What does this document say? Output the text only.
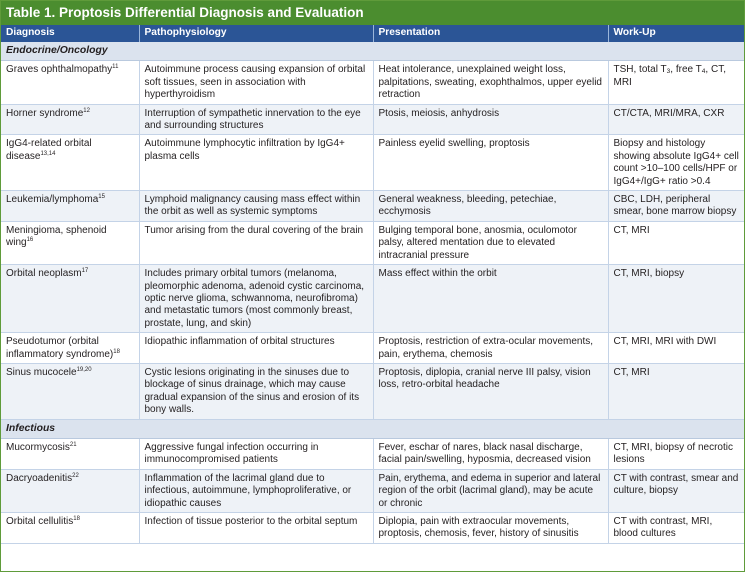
Table 1. Proptosis Differential Diagnosis and Evaluation
Diagnosis	Pathophysiology	Presentation	Work-Up
Endocrine/Oncology			
Graves ophthalmopathy$^{11}$	Autoimmune process causing expansion of orbital soft tissues, seen in association with hyperthyroidism	Heat intolerance, unexplained weight loss, palpitations, sweating, exophthalmos, upper eyelid retraction	TSH, total $T_3$, free $T_4$, CT, MRI
Horner syndrome$^{12}$	Interruption of sympathetic innervation to the eye and surrounding structures	Ptosis, meiosis, anhydrosis	CT/CTA, MRI/MRA, CXR
IgG4-related orbital disease$^{13,14}$	Autoimmune lymphocytic infiltration by IgG4+ plasma cells	Painless eyelid swelling, proptosis	Biopsy and histology showing absolute IgG4+ cell count >10–100 cells/HPF or IgG4+/IgG+ ratio >0.4
Leukemia/lymphoma$^{15}$	Lymphoid malignancy causing mass effect within the orbit as well as systemic symptoms	General weakness, bleeding, petechiae, ecchymosis	CBC, LDH, peripheral smear, bone marrow biopsy
Meningioma, sphenoid wing$^{16}$	Tumor arising from the dural covering of the brain	Bulging temporal bone, anosmia, oculomotor palsy, altered mentation due to elevated intracranial pressure	CT, MRI
Orbital neoplasm$^{17}$	Includes primary orbital tumors (melanoma, pleomorphic adenoma, adenoid cystic carcinoma, optic nerve glioma, schwannoma, neurofibroma) and metastatic tumors (most commonly breast, prostate, lung, and skin)	Mass effect within the orbit	CT, MRI, biopsy
Pseudotumor (orbital inflammatory syndrome)$^{18}$	Idiopathic inflammation of orbital structures	Proptosis, restriction of extra-ocular movements, pain, erythema, chemosis	CT, MRI, MRI with DWI
Sinus mucocele$^{19,20}$	Cystic lesions originating in the sinuses due to blockage of sinus drainage, which may cause gradual expansion of the sinus and erosion of its bony walls.	Proptosis, diplopia, cranial nerve III palsy, vision loss, retro-orbital headache	CT, MRI
Infectious			
Mucormycosis$^{21}$	Aggressive fungal infection occurring in immunocompromised patients	Fever, eschar of nares, black nasal discharge, facial pain/swelling, hyposmia, decreased vision	CT, MRI, biopsy of necrotic lesions
Dacryoadenitis$^{22}$	Inflammation of the lacrimal gland due to infectious, autoimmune, lymphoproliferative, or idiopathic causes	Pain, erythema, and edema in superior and lateral region of the orbit (lacrimal gland), may be acute or chronic	CT with contrast, smear and culture, biopsy
Orbital cellulitis$^{18}$	Infection of tissue posterior to the orbital septum	Diplopia, pain with extraocular movements, proptosis, chemosis, fever, history of sinusitis	CT with contrast, MRI, blood cultures
